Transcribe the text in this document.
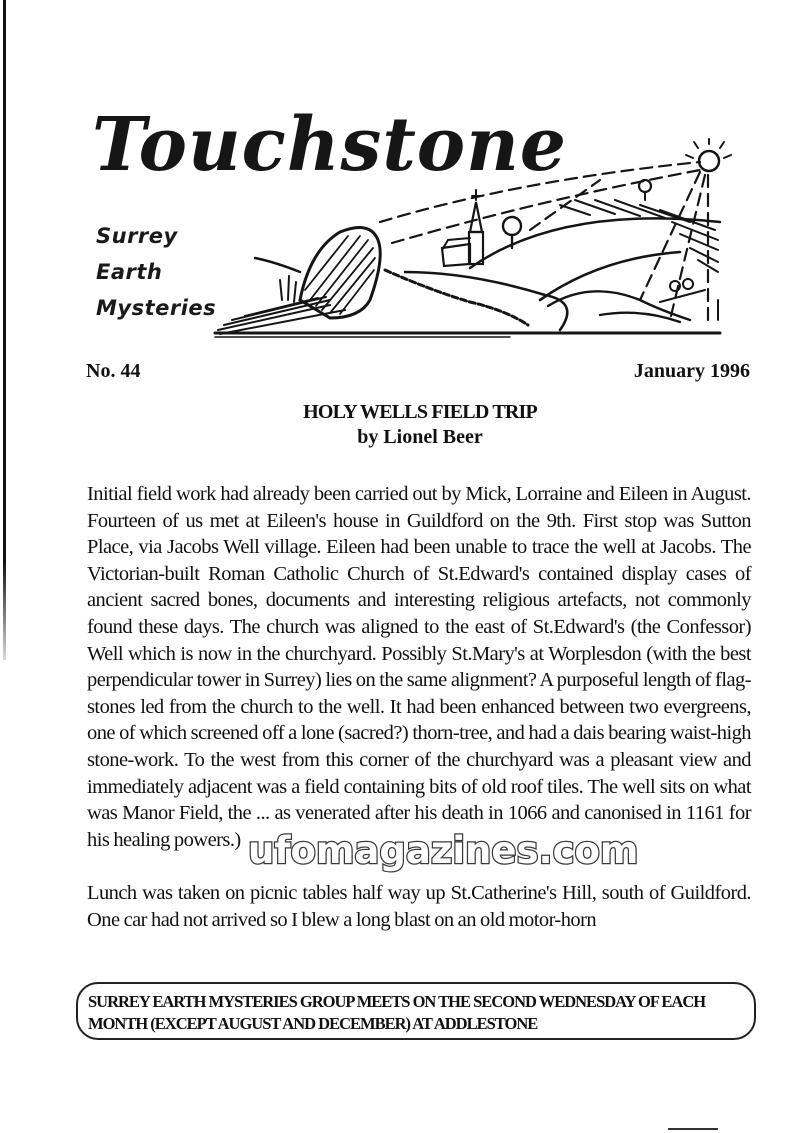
Touchstone
Surrey
Earth
Mysteries
No. 44	January 1996
HOLY WELLS FIELD TRIP
by Lionel Beer

Initial field work had already been carried out by Mick, Lorraine and Eileen in August. Fourteen of us met at Eileen's house in Guildford on the 9th. First stop was Sutton Place, via Jacobs Well village. Eileen had been unable to trace the well at Jacobs. The Victorian-built Roman Catholic Church of St.Edward's contained display cases of ancient sacred bones, documents and interesting religious artefacts, not commonly found these days. The church was aligned to the east of St.Edward's (the Confessor) Well which is now in the churchyard. Possibly St.Mary's at Worplesdon (with the best perpendicular tower in Surrey) lies on the same alignment? A purposeful length of flag-stones led from the church to the well. It had been enhanced between two evergreens, one of which screened off a lone (sacred?) thorn-tree, and had a dais bearing waist-high stone-work. To the west from this corner of the churchyard was a pleasant view and immediately adjacent was a field containing bits of old roof tiles. The well sits on what was Manor Field, the ... as venerated after his death in 1066 and canonised in 1161 for his healing powers.)

Lunch was taken on picnic tables half way up St.Catherine's Hill, south of Guildford. One car had not arrived so I blew a long blast on an old motor-horn

ufomagazines.com
SURREY EARTH MYSTERIES GROUP MEETS ON THE SECOND WEDNESDAY OF EACH MONTH (EXCEPT AUGUST AND DECEMBER) AT ADDLESTONE
